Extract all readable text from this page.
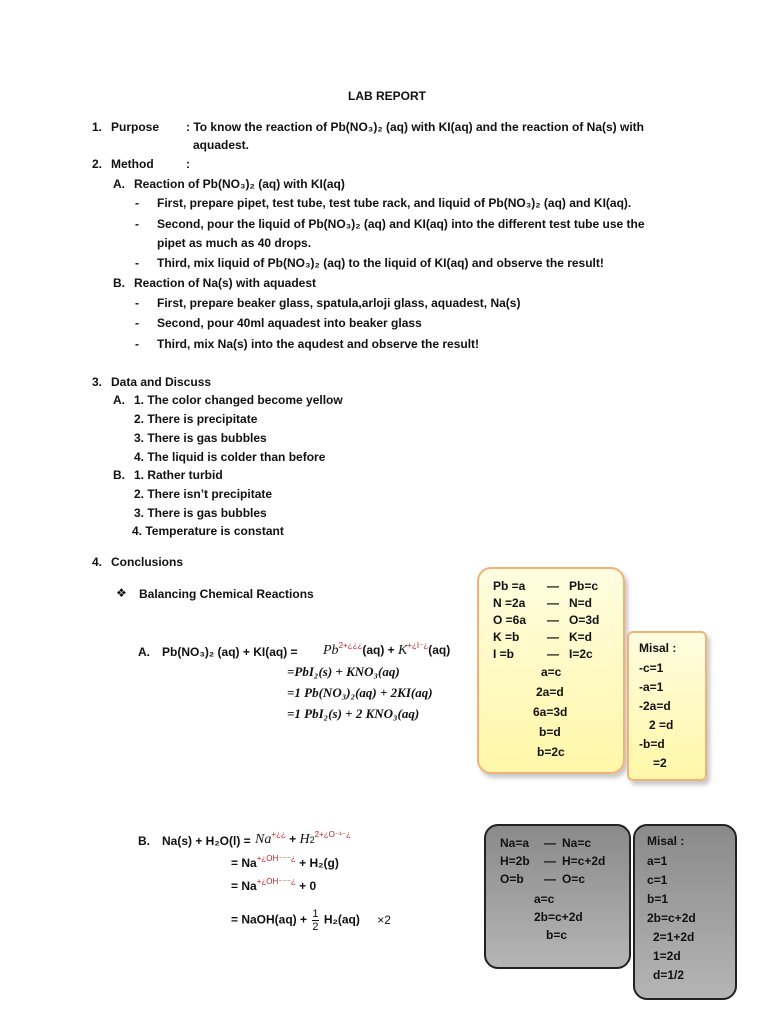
LAB REPORT
1. Purpose : To know the reaction of Pb(NO₃)₂ (aq) with KI(aq) and the reaction of Na(s) with
aquadest.
2. Method	:
A. Reaction of Pb(NO₃)₂ (aq) with KI(aq)
- First, prepare pipet, test tube, test tube rack, and liquid of Pb(NO₃)₂ (aq) and KI(aq).
- Second, pour the liquid of Pb(NO₃)₂ (aq) and KI(aq) into the different test tube use the
pipet as much as 40 drops.
- Third, mix liquid of Pb(NO₃)₂ (aq) to the liquid of KI(aq) and observe the result!
B. Reaction of Na(s) with aquadest
- First, prepare beaker glass, spatula,arloji glass, aquadest, Na(s)
- Second, pour 40ml aquadest into beaker glass
- Third, mix Na(s) into the aqudest and observe the result!
3. Data and Discuss
A. 1. The color changed become yellow
2. There is precipitate
3. There is gas bubbles
4. The liquid is colder than before
B. 1. Rather turbid
2. There isn’t precipitate
3. There is gas bubbles
4. Temperature is constant
4. Conclusions
❖ Balancing Chemical Reactions
A. Pb(NO₃)₂ $(aq) + KI(aq) = Pb^{2+¿¿¿}(aq) + K^{+¿I^-¿}(aq)$
=PbI₂(s) + KNO₃(aq)
=1 Pb(NO₃)₂(aq) + 2KI(aq)
=1 PbI₂(s) + 2 KNO₃(aq)
B. $Na(s) + H_2O(l) = Na^{+¿¿} + H2^{2+¿O^{-1-}¿}$
= $Na^{+¿OH^{---}¿} + H_2(g)$
= $Na^{+¿OH^{---}¿} + 0$
= NaOH(aq) + $\frac{1}{2} H_2(aq) \times 2$
Pb =a — Pb=c
N =2a — N=d
O =6a — O=3d
K =b — K=d
I =b	— I=2c
a=c
2a=d
6a=3d
b=d
b=2c
Misal :
-c=1
-a=1
-2a=d
2 =d
-b=d
=2
Na=a — Na=c
H=2b — H=c+2d
O=b — O=c
a=c
2b=c+2d
b=c
Misal :
a=1
c=1
b=1
2b=c+2d
2=1+2d
1=2d
d=1/2
